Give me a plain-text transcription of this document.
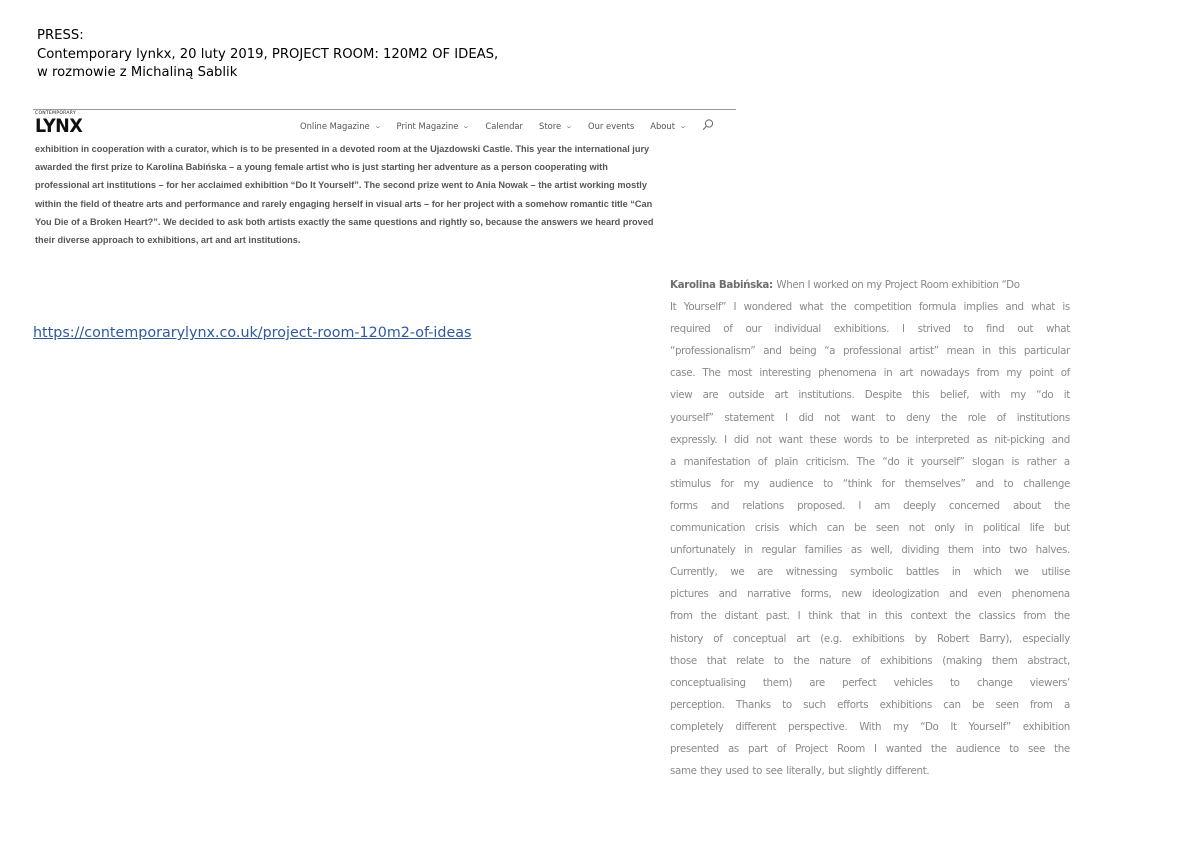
PRESS:
Contemporary lynkx, 20 luty 2019, PROJECT ROOM: 120M2 OF IDEAS,
w rozmowie z Michaliną Sablik
CONTEMPORARY
LYNX	Online Magazine ⌄ Print Magazine ⌄ Calendar Store ⌄ Our events About ⌄
exhibition in cooperation with a curator, which is to be presented in a devoted room at the Ujazdowski Castle. This year the international jury
awarded the first prize to Karolina Babińska – a young female artist who is just starting her adventure as a person cooperating with
professional art institutions – for her acclaimed exhibition “Do It Yourself”. The second prize went to Ania Nowak – the artist working mostly
within the field of theatre arts and performance and rarely engaging herself in visual arts – for her project with a somehow romantic title “Can
You Die of a Broken Heart?”. We decided to ask both artists exactly the same questions and rightly so, because the answers we heard proved
their diverse approach to exhibitions, art and art institutions.
https://contemporarylynx.co.uk/project-room-120m2-of-ideas
Karolina Babińska: When I worked on my Project Room exhibition “Do
It Yourself” I wondered what the competition formula implies and what is
required of our individual exhibitions. I strived to find out what
“professionalism” and being “a professional artist” mean in this particular
case. The most interesting phenomena in art nowadays from my point of
view are outside art institutions. Despite this belief, with my “do it
yourself” statement I did not want to deny the role of institutions
expressly. I did not want these words to be interpreted as nit-picking and
a manifestation of plain criticism. The “do it yourself” slogan is rather a
stimulus for my audience to “think for themselves” and to challenge
forms and relations proposed. I am deeply concerned about the
communication crisis which can be seen not only in political life but
unfortunately in regular families as well, dividing them into two halves.
Currently, we are witnessing symbolic battles in which we utilise
pictures and narrative forms, new ideologization and even phenomena
from the distant past. I think that in this context the classics from the
history of conceptual art (e.g. exhibitions by Robert Barry), especially
those that relate to the nature of exhibitions (making them abstract,
conceptualising them) are perfect vehicles to change viewers’
perception. Thanks to such efforts exhibitions can be seen from a
completely different perspective. With my “Do It Yourself” exhibition
presented as part of Project Room I wanted the audience to see the
same they used to see literally, but slightly different.
